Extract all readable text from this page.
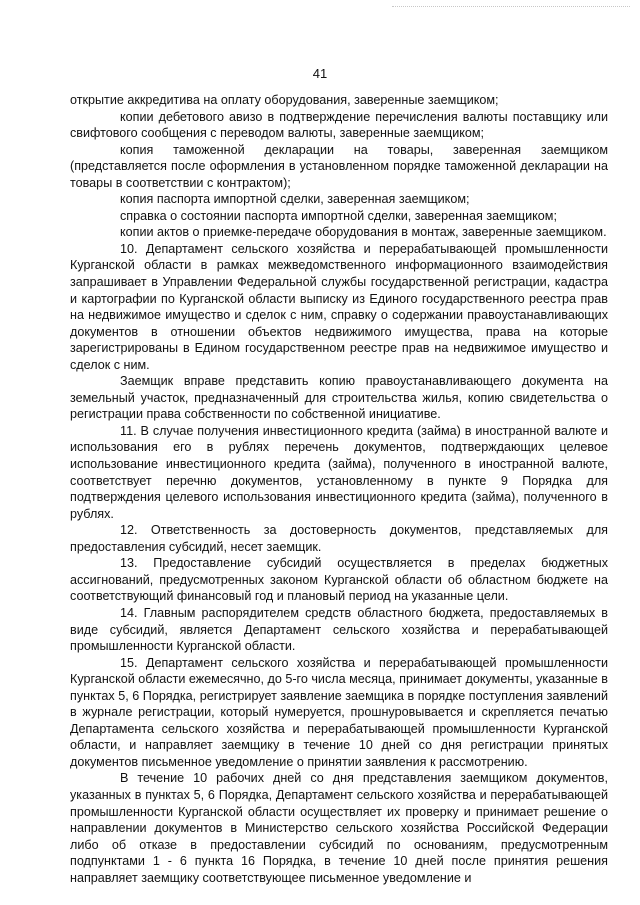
41

открытие аккредитива на оплату оборудования, заверенные заемщиком;

копии дебетового авизо в подтверждение перечисления валюты поставщику или свифтового сообщения с переводом валюты, заверенные заемщиком;

копия таможенной декларации на товары, заверенная заемщиком (представляется после оформления в установленном порядке таможенной декларации на товары в соответствии с контрактом);

копия паспорта импортной сделки, заверенная заемщиком;

справка о состоянии паспорта импортной сделки, заверенная заемщиком;

копии актов о приемке-передаче оборудования в монтаж, заверенные заемщиком.

10. Департамент сельского хозяйства и перерабатывающей промышленности Курганской области в рамках межведомственного информационного взаимодействия запрашивает в Управлении Федеральной службы государственной регистрации, кадастра и картографии по Курганской области выписку из Единого государственного реестра прав на недвижимое имущество и сделок с ним, справку о содержании правоустанавливающих документов в отношении объектов недвижимого имущества, права на которые зарегистрированы в Едином государственном реестре прав на недвижимое имущество и сделок с ним.

Заемщик вправе представить копию правоустанавливающего документа на земельный участок, предназначенный для строительства жилья, копию свидетельства о регистрации права собственности по собственной инициативе.

11. В случае получения инвестиционного кредита (займа) в иностранной валюте и использования его в рублях перечень документов, подтверждающих целевое использование инвестиционного кредита (займа), полученного в иностранной валюте, соответствует перечню документов, установленному в пункте 9 Порядка для подтверждения целевого использования инвестиционного кредита (займа), полученного в рублях.

12. Ответственность за достоверность документов, представляемых для предоставления субсидий, несет заемщик.

13. Предоставление субсидий осуществляется в пределах бюджетных ассигнований, предусмотренных законом Курганской области об областном бюджете на соответствующий финансовый год и плановый период на указанные цели.

14. Главным распорядителем средств областного бюджета, предоставляемых в виде субсидий, является Департамент сельского хозяйства и перерабатывающей промышленности Курганской области.

15. Департамент сельского хозяйства и перерабатывающей промышленности Курганской области ежемесячно, до 5-го числа месяца, принимает документы, указанные в пунктах 5, 6 Порядка, регистрирует заявление заемщика в порядке поступления заявлений в журнале регистрации, который нумеруется, прошнуровывается и скрепляется печатью Департамента сельского хозяйства и перерабатывающей промышленности Курганской области, и направляет заемщику в течение 10 дней со дня регистрации принятых документов письменное уведомление о принятии заявления к рассмотрению.

В течение 10 рабочих дней со дня представления заемщиком документов, указанных в пунктах 5, 6 Порядка, Департамент сельского хозяйства и перерабатывающей промышленности Курганской области осуществляет их проверку и принимает решение о направлении документов в Министерство сельского хозяйства Российской Федерации либо об отказе в предоставлении субсидий по основаниям, предусмотренным подпунктами 1 - 6 пункта 16 Порядка, в течение 10 дней после принятия решения направляет заемщику соответствующее письменное уведомление и
